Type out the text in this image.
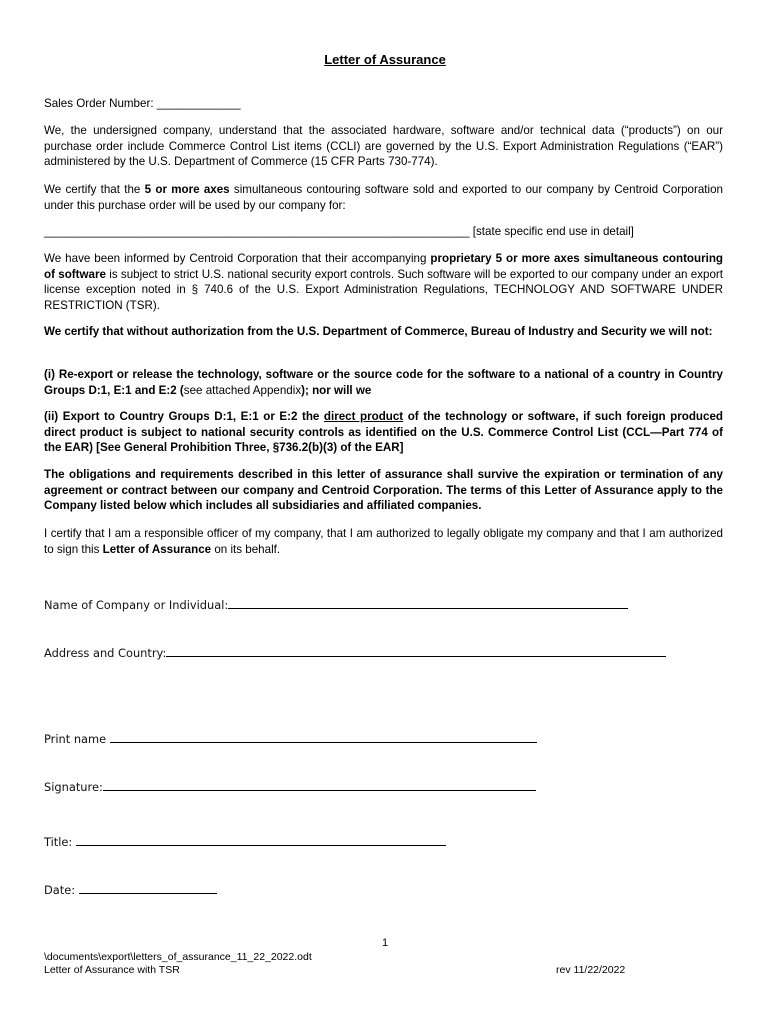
Letter of Assurance
Sales Order Number: _____________
We, the undersigned company, understand that the associated hardware, software and/or technical data (“products”) on our purchase order include Commerce Control List items (CCLI) are governed by the U.S. Export Administration Regulations (“EAR”) administered by the U.S. Department of Commerce (15 CFR Parts 730-774).
We certify that the 5 or more axes simultaneous contouring software sold and exported to our company by Centroid Corporation under this purchase order will be used by our company for:
__________________________________________________________________ [state specific end use in detail]
We have been informed by Centroid Corporation that their accompanying proprietary 5 or more axes simultaneous contouring of software is subject to strict U.S. national security export controls. Such software will be exported to our company under an export license exception noted in § 740.6 of the U.S. Export Administration Regulations, TECHNOLOGY AND SOFTWARE UNDER RESTRICTION (TSR).
We certify that without authorization from the U.S. Department of Commerce, Bureau of Industry and Security we will not:
(i) Re-export or release the technology, software or the source code for the software to a national of a country in Country Groups D:1, E:1 and E:2 (see attached Appendix); nor will we
(ii) Export to Country Groups D:1, E:1 or E:2 the direct product of the technology or software, if such foreign produced direct product is subject to national security controls as identified on the U.S. Commerce Control List (CCL—Part 774 of the EAR) [See General Prohibition Three, §736.2(b)(3) of the EAR]
The obligations and requirements described in this letter of assurance shall survive the expiration or termination of any agreement or contract between our company and Centroid Corporation. The terms of this Letter of Assurance apply to the Company listed below which includes all subsidiaries and affiliated companies.
I certify that I am a responsible officer of my company, that I am authorized to legally obligate my company and that I am authorized to sign this Letter of Assurance on its behalf.
Name of Company or Individual:
Address and Country:
Print name
Signature:
Title:
Date:
1
\documents\export\letters_of_assurance_11_22_2022.odt
Letter of Assurance with TSR	rev 11/22/2022
